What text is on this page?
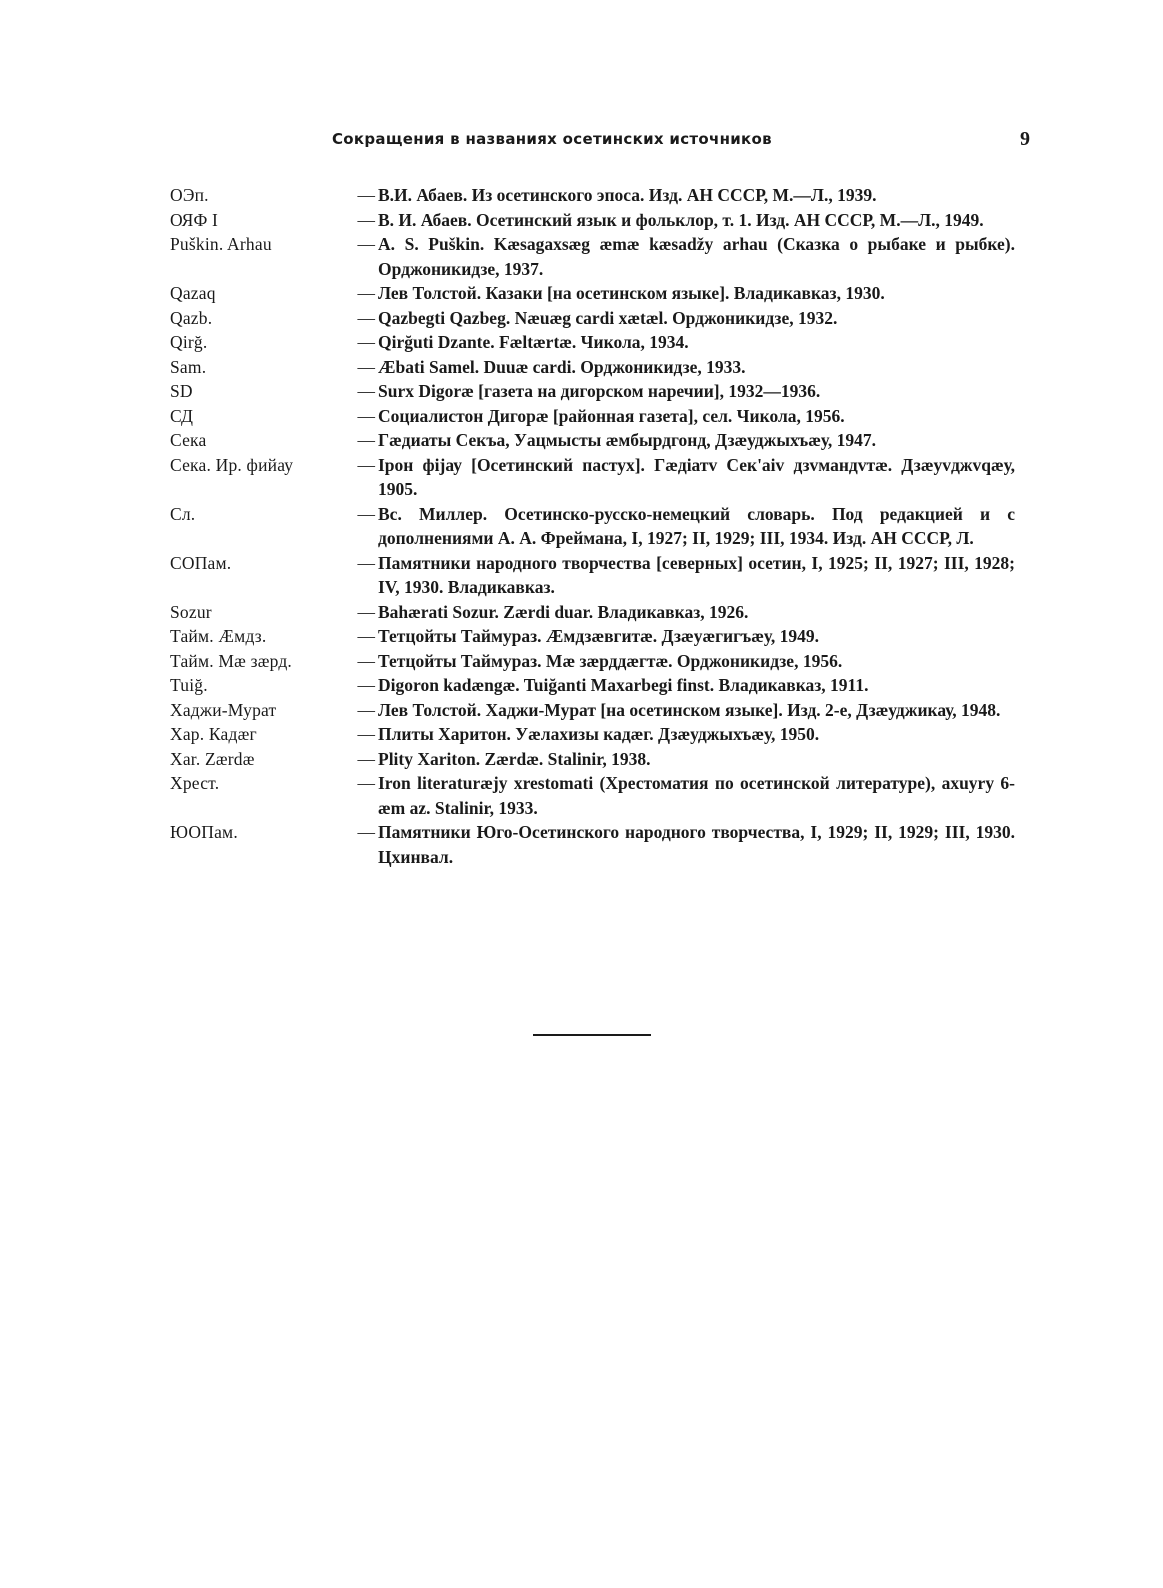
Сокращения в названиях осетинских источников	9
ОЭп.	— В.И. Абаев. Из осетинского эпоса. Изд. АН СССР, М.—Л., 1939.
ОЯФ I	— В. И. Абаев. Осетинский язык и фольклор, т. 1. Изд. АН СССР, М.—Л., 1949.
Puškin. Arhau	— A. S. Puškin. Kæsagaxsæg æmæ kæsadžy arhau (Сказка о рыбаке и рыбке). Орджоникидзе, 1937.
Qazaq	— Лев Толстой. Казаки [на осетинском языке]. Владикавказ, 1930.
Qazb.	— Qazbegti Qazbeg. Næuæg cardi xætæl. Орджоникидзе, 1932.
Qirğ.	— Qirğuti Dzante. Fæltærtæ. Чикола, 1934.
Sam.	— Æbati Samel. Duuæ cardi. Орджоникидзе, 1933.
SD	— Surx Digoræ [газета на дигорском наречии], 1932—1936.
СД	— Социалистон Дигорæ [районная газета], сел. Чикола, 1956.
Сека	— Гæдиаты Секъа, Уацмысты æмбырдгонд, Дзæуджыхъæу, 1947.
Сека. Ир. фийау	— Ірон фijау [Осетинский пастух]. Гæдіатv Сек'аiv дзvмандvтæ. Дзæуvджvqæу, 1905.
Сл.	— Вс. Миллер. Осетинско-русско-немецкий словарь. Под редакцией и с дополнениями А. А. Фреймана, I, 1927; II, 1929; III, 1934. Изд. АН СССР, Л.
СОПам.	— Памятники народного творчества [северных] осетин, I, 1925; II, 1927; III, 1928; IV, 1930. Владикавказ.
Sozur	— Bahærati Sozur. Zærdi duar. Владикавказ, 1926.
Тайм. Æмдз.	— Тетцойты Таймураз. Æмдзæвгитæ. Дзæуæгигъæу, 1949.
Тайм. Мæ зæрд.	— Тетцойты Таймураз. Мæ зæрддæгтæ. Орджоникидзе, 1956.
Tuiğ.	— Digoron kadængæ. Tuiğanti Maxarbegi finst. Владикавказ, 1911.
Хаджи-Мурат	— Лев Толстой. Хаджи-Мурат [на осетинском языке]. Изд. 2-е, Дзæуджикау, 1948.
Хар. Кадæг	— Плиты Харитон. Уæлахизы кадæг. Дзæуджыхъæу, 1950.
Xar. Zærdæ	— Plity Xariton. Zærdæ. Stalinir, 1938.
Хрест.	— Iron literaturæjy xrestomati (Хрестоматия по осетинской литературе), axuyry 6-æm az. Stalinir, 1933.
ЮОПам.	— Памятники Юго-Осетинского народного творчества, I, 1929; II, 1929; III, 1930. Цхинвал.
